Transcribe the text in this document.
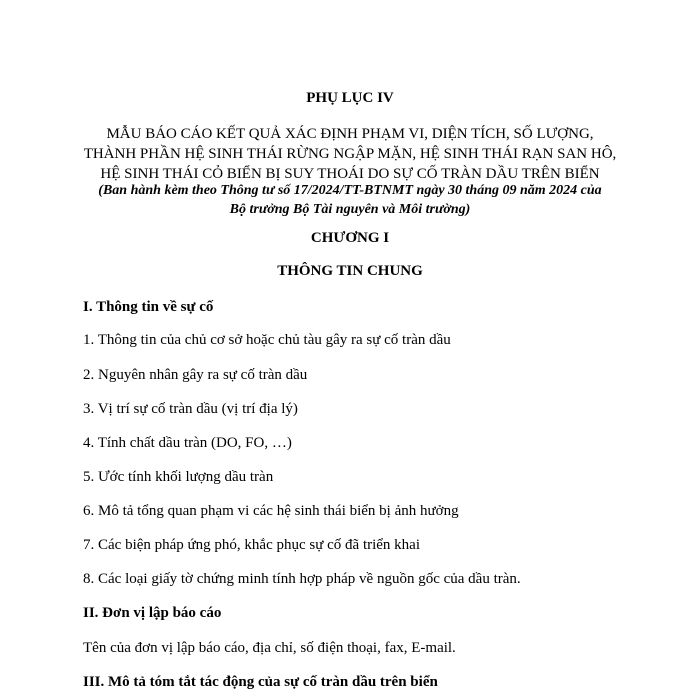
PHỤ LỤC IV
MẪU BÁO CÁO KẾT QUẢ XÁC ĐỊNH PHẠM VI, DIỆN TÍCH, SỐ LƯỢNG,
THÀNH PHẦN HỆ SINH THÁI RỪNG NGẬP MẶN, HỆ SINH THÁI RẠN SAN HÔ,
HỆ SINH THÁI CỎ BIỂN BỊ SUY THOÁI DO SỰ CỐ TRÀN DẦU TRÊN BIỂN
(Ban hành kèm theo Thông tư số 17/2024/TT-BTNMT ngày 30 tháng 09 năm 2024 của
Bộ trưởng Bộ Tài nguyên và Môi trường)
CHƯƠNG I
THÔNG TIN CHUNG
I. Thông tin về sự cố
1. Thông tin của chủ cơ sở hoặc chủ tàu gây ra sự cố tràn dầu
2. Nguyên nhân gây ra sự cố tràn dầu
3. Vị trí sự cố tràn dầu (vị trí địa lý)
4. Tính chất dầu tràn (DO, FO, …)
5. Ước tính khối lượng dầu tràn
6. Mô tả tổng quan phạm vi các hệ sinh thái biển bị ảnh hưởng
7. Các biện pháp ứng phó, khắc phục sự cố đã triển khai
8. Các loại giấy tờ chứng minh tính hợp pháp về nguồn gốc của dầu tràn.
II. Đơn vị lập báo cáo
Tên của đơn vị lập báo cáo, địa chỉ, số điện thoại, fax, E-mail.
III. Mô tả tóm tắt tác động của sự cố tràn dầu trên biển
